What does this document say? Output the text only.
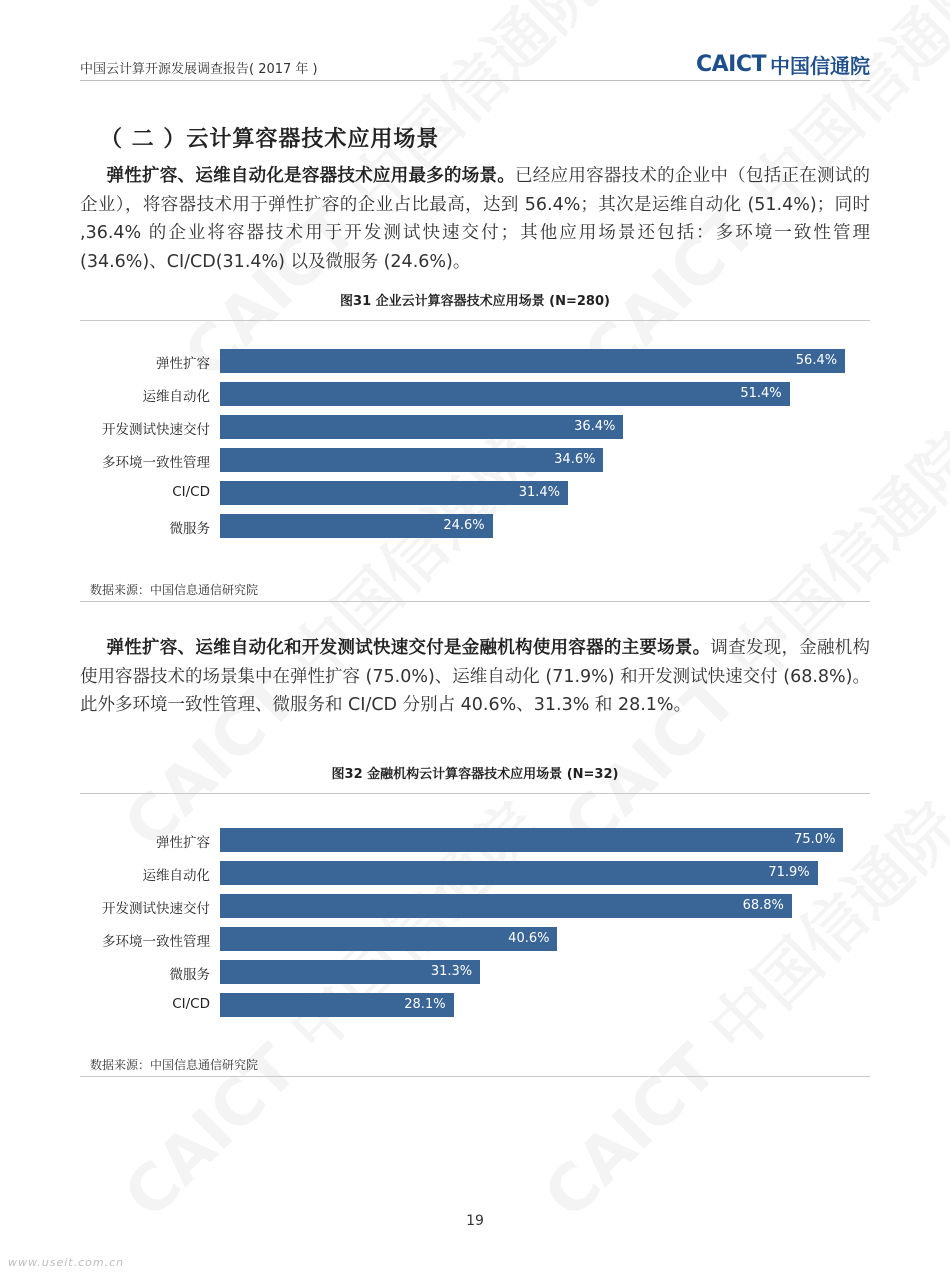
中国云计算开源发展调查报告( 2017 年 )	CAICT 中国信通院
（ 二 ）云计算容器技术应用场景
  弹性扩容、运维自动化是容器技术应用最多的场景。已经应用容器技术的企业中（包括正在测试的企业），将容器技术用于弹性扩容的企业占比最高，达到 56.4%；其次是运维自动化 (51.4%)；同时 ,36.4% 的企业将容器技术用于开发测试快速交付；其他应用场景还包括：多环境一致性管理 (34.6%)、CI/CD(31.4%) 以及微服务 (24.6%)。
图31 企业云计算容器技术应用场景 (N=280)
弹性扩容	56.4%
运维自动化	51.4%
开发测试快速交付	36.4%
多环境一致性管理	34.6%
CI/CD	31.4%
微服务	24.6%
数据来源：中国信息通信研究院
  弹性扩容、运维自动化和开发测试快速交付是金融机构使用容器的主要场景。调查发现，金融机构使用容器技术的场景集中在弹性扩容 (75.0%)、运维自动化 (71.9%) 和开发测试快速交付 (68.8%)。此外多环境一致性管理、微服务和 CI/CD 分别占 40.6%、31.3% 和 28.1%。
图32 金融机构云计算容器技术应用场景 (N=32)
弹性扩容	75.0%
运维自动化	71.9%
开发测试快速交付	68.8%
多环境一致性管理	40.6%
微服务	31.3%
CI/CD	28.1%
数据来源：中国信息通信研究院
19
www.useit.com.cn
